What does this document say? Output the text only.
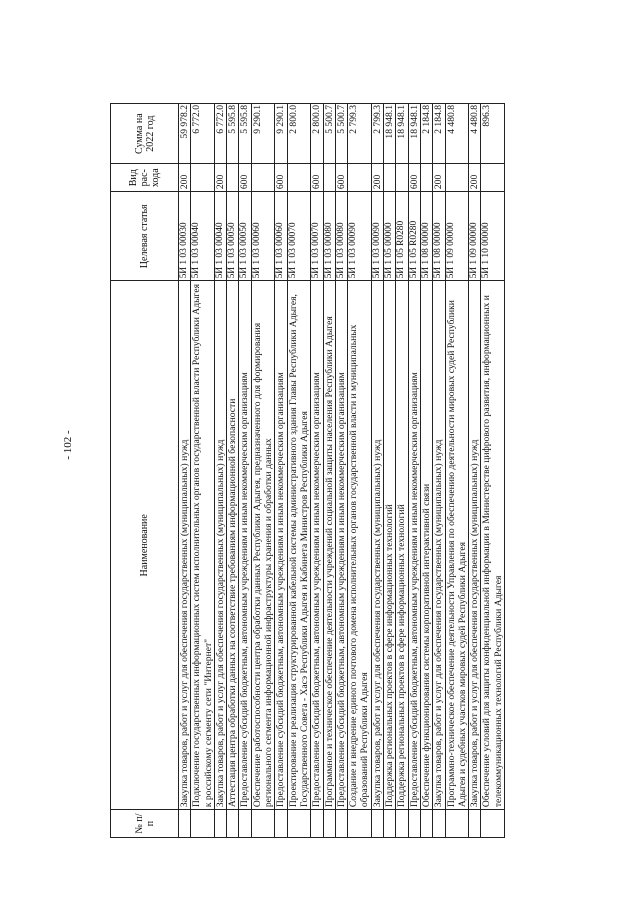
- 102 -
№ п/п	Наименование	Целевая статья	Вид рас-хода	Сумма на 2022 год
	Закупка товаров, работ и услуг для обеспечения государственных (муниципальных) нужд	5И 1 03 00030	200	59 978.2
	Подключение государственных информационных систем исполнительных органов государственной власти Республики Адыгея к российскому сегменту сети "Интернет"	5И 1 03 00040		6 772.0
	Закупка товаров, работ и услуг для обеспечения государственных (муниципальных) нужд	5И 1 03 00040	200	6 772.0
	Аттестация центра обработки данных на соответствие требованиям информационной безопасности	5И 1 03 00050		5 595.8
	Предоставление субсидий бюджетным, автономным учреждениям и иным некоммерческим организациям	5И 1 03 00050	600	5 595.8
	Обеспечение работоспособности центра обработки данных Республики Адыгея, предназначенного для формирования регионального сегмента информационной инфраструктуры хранения и обработки данных	5И 1 03 00060		9 290.1
	Предоставление субсидий бюджетным, автономным учреждениям и иным некоммерческим организациям	5И 1 03 00060	600	9 290.1
	Проектирование и реализация структурированной кабельной системы административного здания Главы Республики Адыгея, Государственного Совета - Хасэ Республики Адыгея и Кабинета Министров Республики Адыгея	5И 1 03 00070		2 800.0
	Предоставление субсидий бюджетным, автономным учреждениям и иным некоммерческим организациям	5И 1 03 00070	600	2 800.0
	Программное и техническое обеспечение деятельности учреждений социальной защиты населения Республики Адыгея	5И 1 03 00080		5 500.7
	Предоставление субсидий бюджетным, автономным учреждениям и иным некоммерческим организациям	5И 1 03 00080	600	5 500.7
	Создание и внедрение единого почтового домена исполнительных органов государственной власти и муниципальных образований Республики Адыгея	5И 1 03 00090		2 799.3
	Закупка товаров, работ и услуг для обеспечения государственных (муниципальных) нужд	5И 1 03 00090	200	2 799.3
	Поддержка региональных проектов в сфере информационных технологий	5И 1 05 00000		18 948.1
	Поддержка региональных проектов в сфере информационных технологий	5И 1 05 R0280		18 948.1
	Предоставление субсидий бюджетным, автономным учреждениям и иным некоммерческим организациям	5И 1 05 R0280	600	18 948.1
	Обеспечение функционирования системы корпоративной интерактивной связи	5И 1 08 00000		2 184.8
	Закупка товаров, работ и услуг для обеспечения государственных (муниципальных) нужд	5И 1 08 00000	200	2 184.8
	Программно-техническое обеспечение деятельности Управления по обеспечению деятельности мировых судей Республики Адыгея и судебных участков мировых судей Республики Адыгея	5И 1 09 00000		4 480.8
	Закупка товаров, работ и услуг для обеспечения государственных (муниципальных) нужд	5И 1 09 00000	200	4 480.8
	Обеспечение условий для защиты конфиденциальной информации в Министерстве цифрового развития, информационных и телекоммуникационных технологий Республики Адыгея	5И 1 10 00000		896.3
